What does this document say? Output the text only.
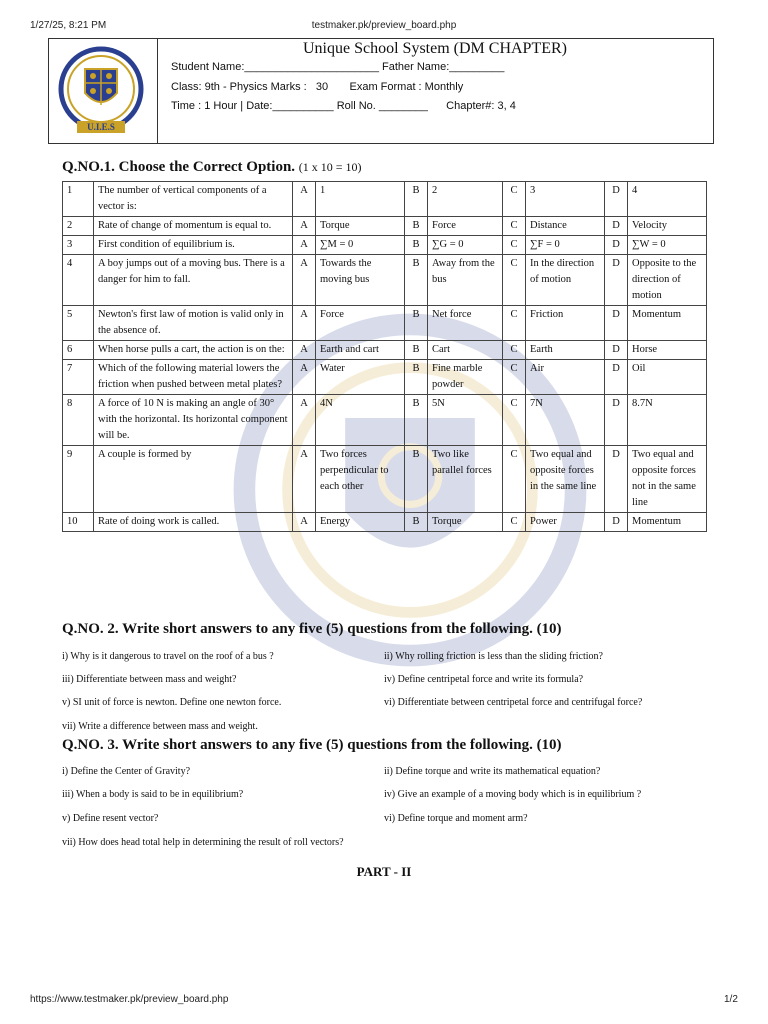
1/27/25, 8:21 PM	testmaker.pk/preview_board.php
https://www.testmaker.pk/preview_board.php	1/2
U.I.E.S
Unique School System (DM CHAPTER)
Student Name:______________________ Father Name:_________
Class: 9th - Physics Marks :   30       Exam Format : Monthly
Time : 1 Hour | Date:__________ Roll No. ________      Chapter#: 3, 4
Q.NO.1. Choose the Correct Option. (1 x 10 = 10)
1	The number of vertical components of a vector is:	A	1	B	2	C	3	D	4
2	Rate of change of momentum is equal to.	A	Torque	B	Force	C	Distance	D	Velocity
3	First condition of equilibrium is.	A	∑M = 0	B	∑G = 0	C	∑F = 0	D	∑W = 0
4	A boy jumps out of a moving bus. There is a danger for him to fall.	A	Towards the moving bus	B	Away from the bus	C	In the direction of motion	D	Opposite to the direction of motion
5	Newton's first law of motion is valid only in the absence of.	A	Force	B	Net force	C	Friction	D	Momentum
6	When horse pulls a cart, the action is on the:	A	Earth and cart	B	Cart	C	Earth	D	Horse
7	Which of the following material lowers the friction when pushed between metal plates?	A	Water	B	Fine marble powder	C	Air	D	Oil
8	A force of 10 N is making an angle of 30° with the horizontal. Its horizontal component will be.	A	4N	B	5N	C	7N	D	8.7N
9	A couple is formed by	A	Two forces perpendicular to each other	B	Two like parallel forces	C	Two equal and opposite forces in the same line	D	Two equal and opposite forces not in the same line
10	Rate of doing work is called.	A	Energy	B	Torque	C	Power	D	Momentum
Q.NO. 2. Write short answers to any five (5) questions from the following. (10)
i) Why is it dangerous to travel on the roof of a bus ?	ii) Why rolling friction is less than the sliding friction?
iii) Differentiate between mass and weight?	iv) Define centripetal force and write its formula?
v) SI unit of force is newton. Define one newton force.	vi) Differentiate between centripetal force and centrifugal force?
vii) Write a difference between mass and weight.
Q.NO. 3. Write short answers to any five (5) questions from the following. (10)
i) Define the Center of Gravity?	ii) Define torque and write its mathematical equation?
iii) When a body is said to be in equilibrium?	iv) Give an example of a moving body which is in equilibrium ?
v) Define resent vector?	vi) Define torque and moment arm?
vii) How does head total help in determining the result of roll vectors?
PART - II
